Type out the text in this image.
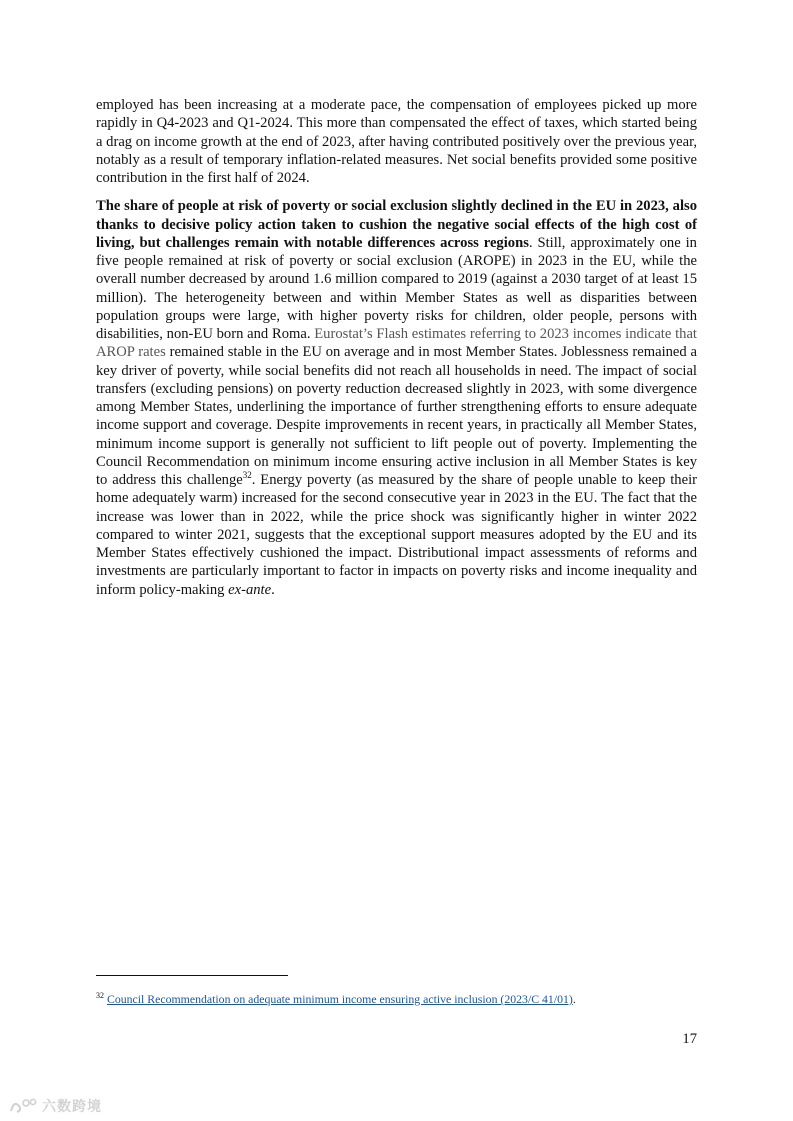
employed has been increasing at a moderate pace, the compensation of employees picked up more rapidly in Q4-2023 and Q1-2024. This more than compensated the effect of taxes, which started being a drag on income growth at the end of 2023, after having contributed positively over the previous year, notably as a result of temporary inflation-related measures. Net social benefits provided some positive contribution in the first half of 2024.

The share of people at risk of poverty or social exclusion slightly declined in the EU in 2023, also thanks to decisive policy action taken to cushion the negative social effects of the high cost of living, but challenges remain with notable differences across regions. Still, approximately one in five people remained at risk of poverty or social exclusion (AROPE) in 2023 in the EU, while the overall number decreased by around 1.6 million compared to 2019 (against a 2030 target of at least 15 million). The heterogeneity between and within Member States as well as disparities between population groups were large, with higher poverty risks for children, older people, persons with disabilities, non-EU born and Roma. Eurostat’s Flash estimates referring to 2023 incomes indicate that AROP rates remained stable in the EU on average and in most Member States. Joblessness remained a key driver of poverty, while social benefits did not reach all households in need. The impact of social transfers (excluding pensions) on poverty reduction decreased slightly in 2023, with some divergence among Member States, underlining the importance of further strengthening efforts to ensure adequate income support and coverage. Despite improvements in recent years, in practically all Member States, minimum income support is generally not sufficient to lift people out of poverty. Implementing the Council Recommendation on minimum income ensuring active inclusion in all Member States is key to address this challenge$^{32}$. Energy poverty (as measured by the share of people unable to keep their home adequately warm) increased for the second consecutive year in 2023 in the EU. The fact that the increase was lower than in 2022, while the price shock was significantly higher in winter 2022 compared to winter 2021, suggests that the exceptional support measures adopted by the EU and its Member States effectively cushioned the impact. Distributional impact assessments of reforms and investments are particularly important to factor in impacts on poverty risks and income inequality and inform policy-making ex-ante.

$^{32}$ Council Recommendation on adequate minimum income ensuring active inclusion (2023/C 41/01).
17
六数跨境
